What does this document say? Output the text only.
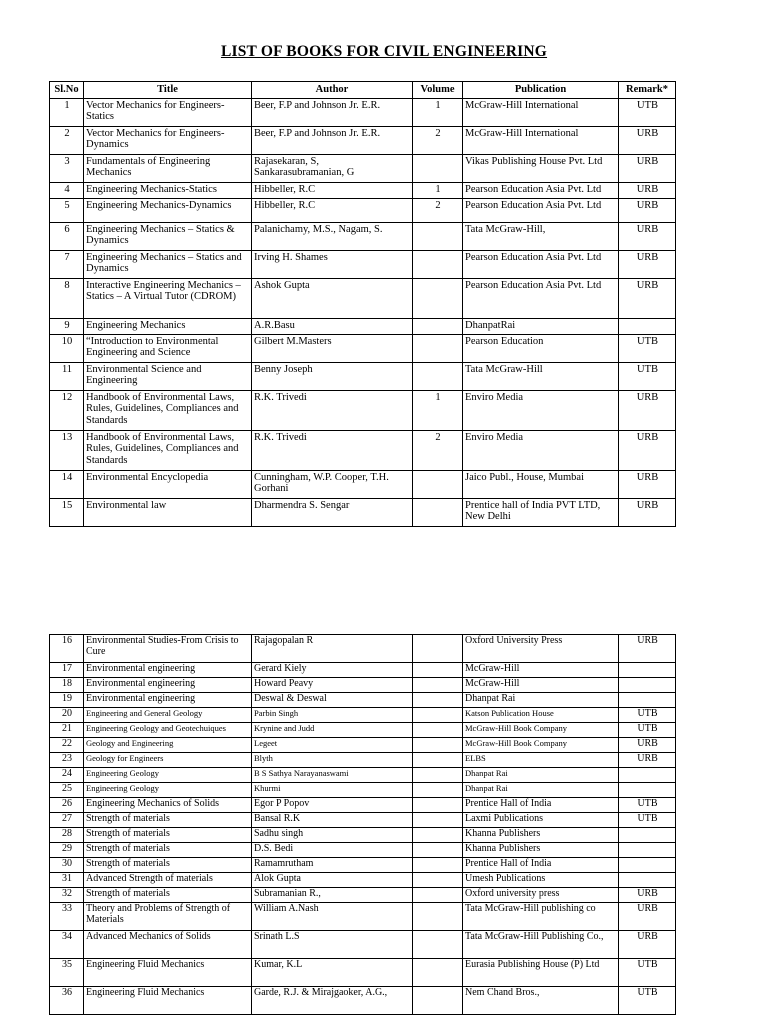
LIST OF BOOKS FOR CIVIL ENGINEERING
Sl.No	Title	Author	Volume	Publication	Remark*
1	Vector Mechanics for Engineers-Statics	Beer, F.P and Johnson Jr. E.R.	1	McGraw-Hill International	UTB
2	Vector Mechanics for Engineers-Dynamics	Beer, F.P and Johnson Jr. E.R.	2	McGraw-Hill International	URB
3	Fundamentals of Engineering Mechanics	Rajasekaran, S, Sankarasubramanian, G		Vikas Publishing House Pvt. Ltd	URB
4	Engineering Mechanics-Statics	Hibbeller, R.C	1	Pearson Education Asia Pvt. Ltd	URB
5	Engineering Mechanics-Dynamics	Hibbeller, R.C	2	Pearson Education Asia Pvt. Ltd	URB
6	Engineering Mechanics – Statics & Dynamics	Palanichamy, M.S., Nagam, S.		Tata McGraw-Hill,	URB
7	Engineering Mechanics – Statics and Dynamics	Irving H. Shames		Pearson Education Asia Pvt. Ltd	URB
8	Interactive Engineering Mechanics – Statics – A Virtual Tutor (CDROM)	Ashok Gupta		Pearson Education Asia Pvt. Ltd	URB
9	Engineering Mechanics	A.R.Basu		DhanpatRai	
10	“Introduction to Environmental Engineering and Science	Gilbert M.Masters		Pearson Education	UTB
11	Environmental Science and Engineering	Benny Joseph		Tata McGraw-Hill	UTB
12	Handbook of Environmental Laws, Rules, Guidelines, Compliances and Standards	R.K. Trivedi	1	Enviro Media	URB
13	Handbook of Environmental Laws, Rules, Guidelines, Compliances and Standards	R.K. Trivedi	2	Enviro Media	URB
14	Environmental Encyclopedia	Cunningham, W.P. Cooper, T.H. Gorhani		Jaico Publ., House, Mumbai	URB
15	Environmental law	Dharmendra S. Sengar		Prentice hall of India PVT LTD, New Delhi	URB
16	Environmental Studies-From Crisis to Cure	Rajagopalan R		Oxford University Press	URB
17	Environmental engineering	Gerard Kiely		McGraw-Hill	
18	Environmental engineering	Howard Peavy		McGraw-Hill	
19	Environmental engineering	Deswal & Deswal		Dhanpat Rai	
20	Engineering and General Geology	Parbin Singh		Katson Publication House	UTB
21	Engineering Geology and Geotechuiques	Krynine and Judd		McGraw-Hill Book Company	UTB
22	Geology and Engineering	Legeet		McGraw-Hill Book Company	URB
23	Geology for Engineers	Blyth		ELBS	URB
24	Engineering Geology	B S Sathya Narayanaswami		Dhanpat Rai	
25	Engineering Geology	Khurmi		Dhanpat Rai	
26	Engineering Mechanics of Solids	Egor P Popov		Prentice Hall of India	UTB
27	Strength of materials	Bansal R.K		Laxmi Publications	UTB
28	Strength of materials	Sadhu singh		Khanna Publishers	
29	Strength of materials	D.S. Bedi		Khanna Publishers	
30	Strength of materials	Ramamrutham		Prentice Hall of India	
31	Advanced Strength of materials	Alok Gupta		Umesh Publications	
32	Strength of materials	Subramanian R.,		Oxford university press	URB
33	Theory and Problems of Strength of Materials	William A.Nash		Tata McGraw-Hill publishing co	URB
34	Advanced Mechanics of Solids	Srinath L.S		Tata McGraw-Hill Publishing Co.,	URB
35	Engineering Fluid Mechanics	Kumar, K.L		Eurasia Publishing House (P) Ltd	UTB
36	Engineering Fluid Mechanics	Garde, R.J. & Mirajgaoker, A.G.,		Nem Chand Bros.,	UTB
